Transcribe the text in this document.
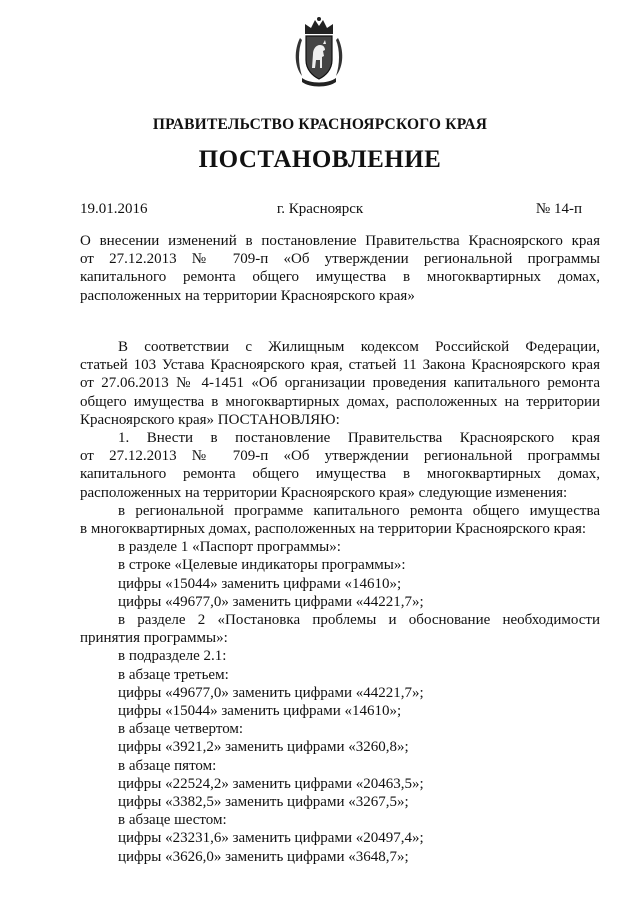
ПРАВИТЕЛЬСТВО КРАСНОЯРСКОГО КРАЯ
ПОСТАНОВЛЕНИЕ
19.01.2016	г. Красноярск	№ 14-п

О внесении изменений в постановление Правительства Красноярского края

от 27.12.2013 № 709-п «Об утверждении региональной программы

капитального ремонта общего имущества в многоквартирных домах,

расположенных на территории Красноярского края»

В соответствии с Жилищным кодексом Российской Федерации,

статьей 103 Устава Красноярского края, статьей 11 Закона Красноярского края

от 27.06.2013 № 4-1451 «Об организации проведения капитального ремонта

общего имущества в многоквартирных домах, расположенных на территории

Красноярского края» ПОСТАНОВЛЯЮ:

1. Внести в постановление Правительства Красноярского края

от 27.12.2013 № 709-п «Об утверждении региональной программы

капитального ремонта общего имущества в многоквартирных домах,

расположенных на территории Красноярского края» следующие изменения:

в региональной программе капитального ремонта общего имущества

в многоквартирных домах, расположенных на территории Красноярского края:

в разделе 1 «Паспорт программы»:

в строке «Целевые индикаторы программы»:

цифры «15044» заменить цифрами «14610»;

цифры «49677,0» заменить цифрами «44221,7»;

в разделе 2 «Постановка проблемы и обоснование необходимости

принятия программы»:

в подразделе 2.1:

в абзаце третьем:

цифры «49677,0» заменить цифрами «44221,7»;

цифры «15044» заменить цифрами «14610»;

в абзаце четвертом:

цифры «3921,2» заменить цифрами «3260,8»;

в абзаце пятом:

цифры «22524,2» заменить цифрами «20463,5»;

цифры «3382,5» заменить цифрами «3267,5»;

в абзаце шестом:

цифры «23231,6» заменить цифрами «20497,4»;

цифры «3626,0» заменить цифрами «3648,7»;
